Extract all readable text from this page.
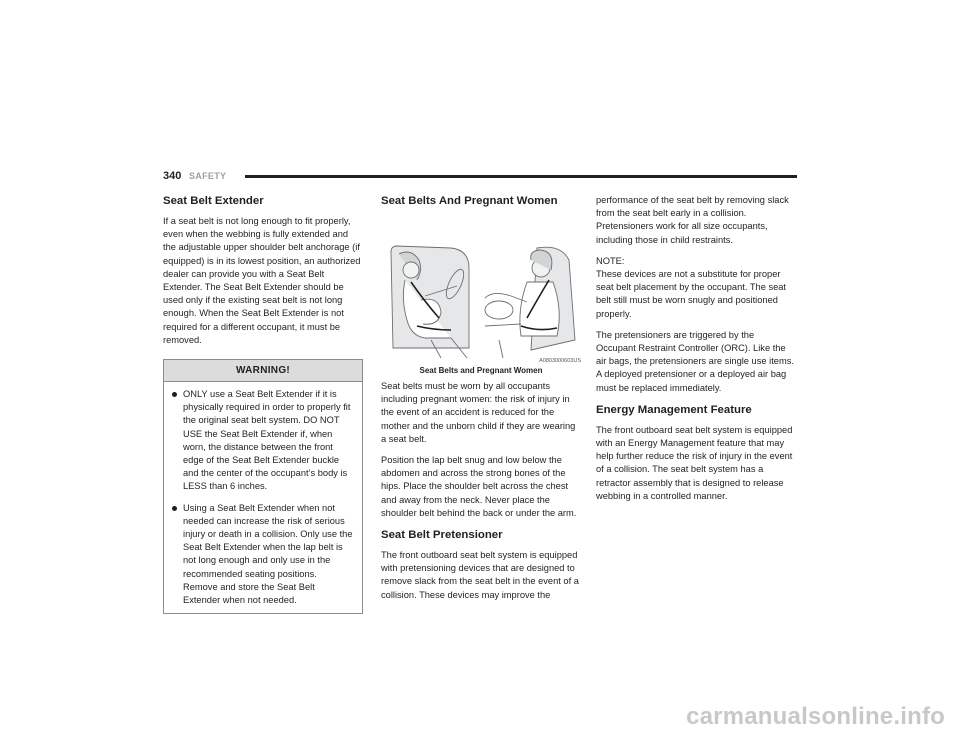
340 SAFETY
Seat Belt Extender

If a seat belt is not long enough to fit properly, even when the webbing is fully extended and the adjustable upper shoulder belt anchorage (if equipped) is in its lowest position, an authorized dealer can provide you with a Seat Belt Extender. The Seat Belt Extender should be used only if the existing seat belt is not long enough. When the Seat Belt Extender is not required for a different occupant, it must be removed.

WARNING!
ONLY use a Seat Belt Extender if it is physically required in order to properly fit the original seat belt system. DO NOT USE the Seat Belt Extender if, when worn, the distance between the front edge of the Seat Belt Extender buckle and the center of the occupant’s body is LESS than 6 inches.
Using a Seat Belt Extender when not needed can increase the risk of serious injury or death in a collision. Only use the Seat Belt Extender when the lap belt is not long enough and only use in the recommended seating positions. Remove and store the Seat Belt Extender when not needed.
Seat Belts And Pregnant Women
A0803000603US
Seat Belts and Pregnant Women

Seat belts must be worn by all occupants including pregnant women: the risk of injury in the event of an accident is reduced for the mother and the unborn child if they are wearing a seat belt.

Position the lap belt snug and low below the abdomen and across the strong bones of the hips. Place the shoulder belt across the chest and away from the neck. Never place the shoulder belt behind the back or under the arm.

Seat Belt Pretensioner

The front outboard seat belt system is equipped with pretensioning devices that are designed to remove slack from the seat belt in the event of a collision. These devices may improve the

performance of the seat belt by removing slack from the seat belt early in a collision. Pretensioners work for all size occupants, including those in child restraints.

NOTE:

These devices are not a substitute for proper seat belt placement by the occupant. The seat belt still must be worn snugly and positioned properly.

The pretensioners are triggered by the Occupant Restraint Controller (ORC). Like the air bags, the pretensioners are single use items. A deployed pretensioner or a deployed air bag must be replaced immediately.

Energy Management Feature

The front outboard seat belt system is equipped with an Energy Management feature that may help further reduce the risk of injury in the event of a collision. The seat belt system has a retractor assembly that is designed to release webbing in a controlled manner.

carmanualsonline.info
